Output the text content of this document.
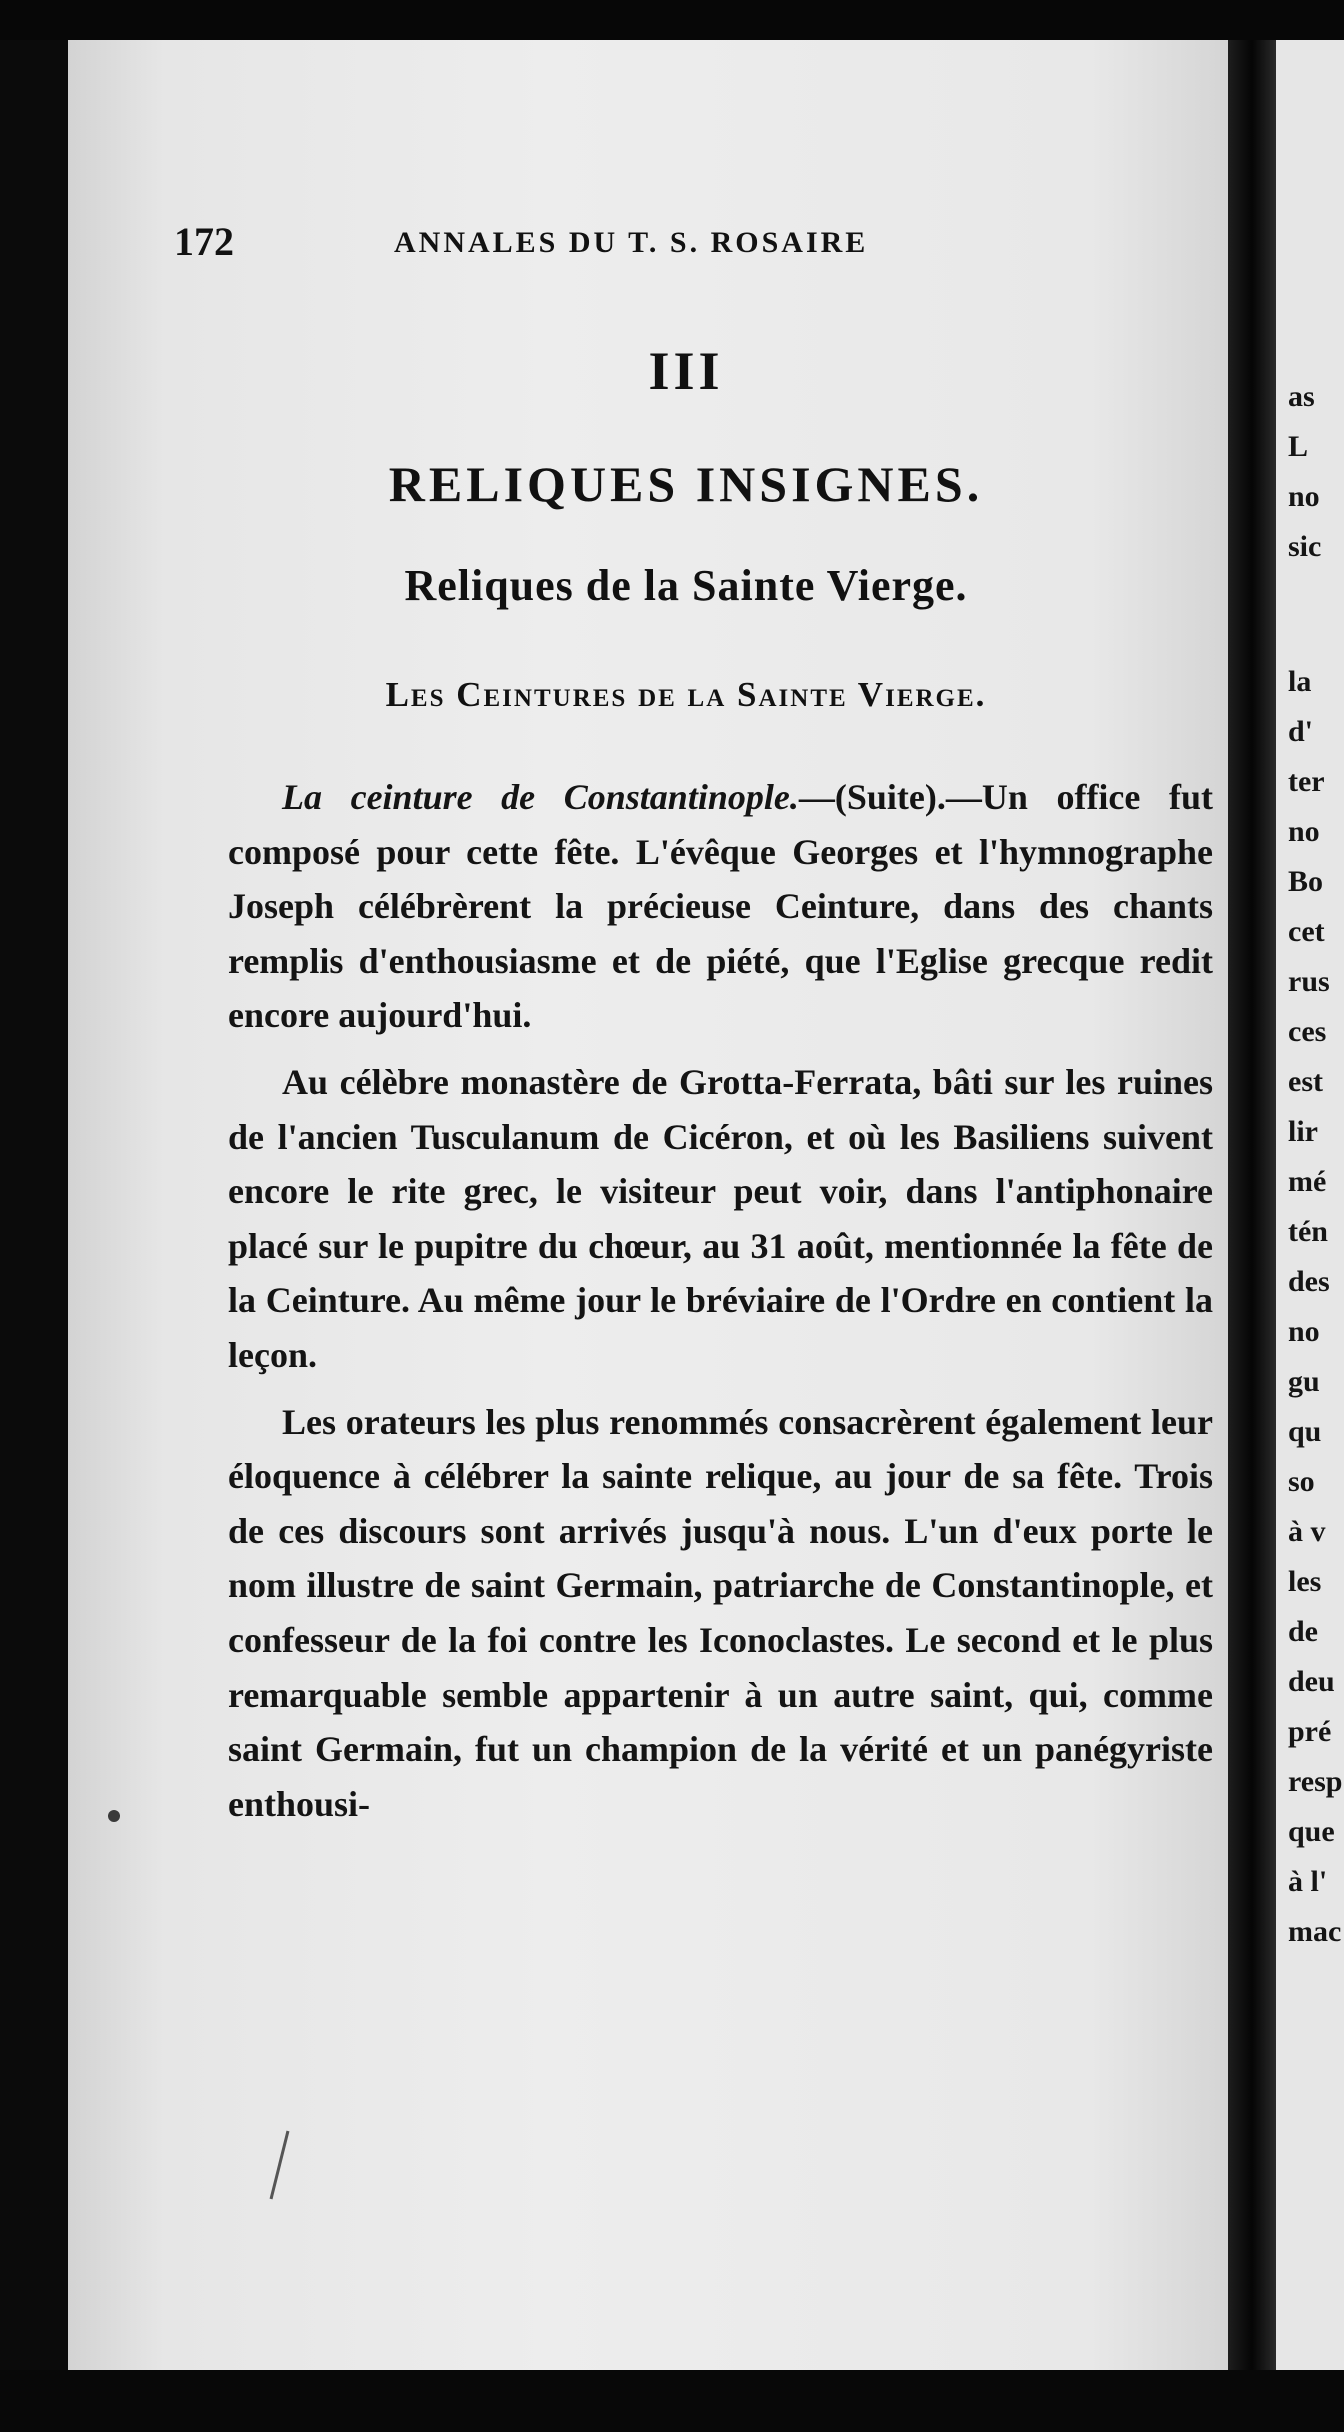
172	ANNALES DU T. S. ROSAIRE
III
RELIQUES INSIGNES.
Reliques de la Sainte Vierge.
Les Ceintures de la Sainte Vierge.

La ceinture de Constantinople.—(Suite).—Un office fut composé pour cette fête. L'évêque Georges et l'hymnographe Joseph célébrèrent la précieuse Ceinture, dans des chants remplis d'enthousiasme et de piété, que l'Eglise grecque redit encore aujourd'hui.

Au célèbre monastère de Grotta-Ferrata, bâti sur les ruines de l'ancien Tusculanum de Cicéron, et où les Basiliens suivent encore le rite grec, le visiteur peut voir, dans l'antiphonaire placé sur le pupitre du chœur, au 31 août, mentionnée la fête de la Ceinture. Au même jour le bréviaire de l'Ordre en contient la leçon.

Les orateurs les plus renommés consacrèrent également leur éloquence à célébrer la sainte relique, au jour de sa fête. Trois de ces discours sont arrivés jusqu'à nous. L'un d'eux porte le nom illustre de saint Germain, patriarche de Constantinople, et confesseur de la foi contre les Iconoclastes. Le second et le plus remarquable semble appartenir à un autre saint, qui, comme saint Germain, fut un champion de la vérité et un panégyriste enthousi-

as
L
no
sic
la
d'
ter
no
Bo
cet
rus
ces
est
lir
mé
tén
des
no
gu
qu
so
à v
les
de
deu
pré
resp
que
à l'
mac
